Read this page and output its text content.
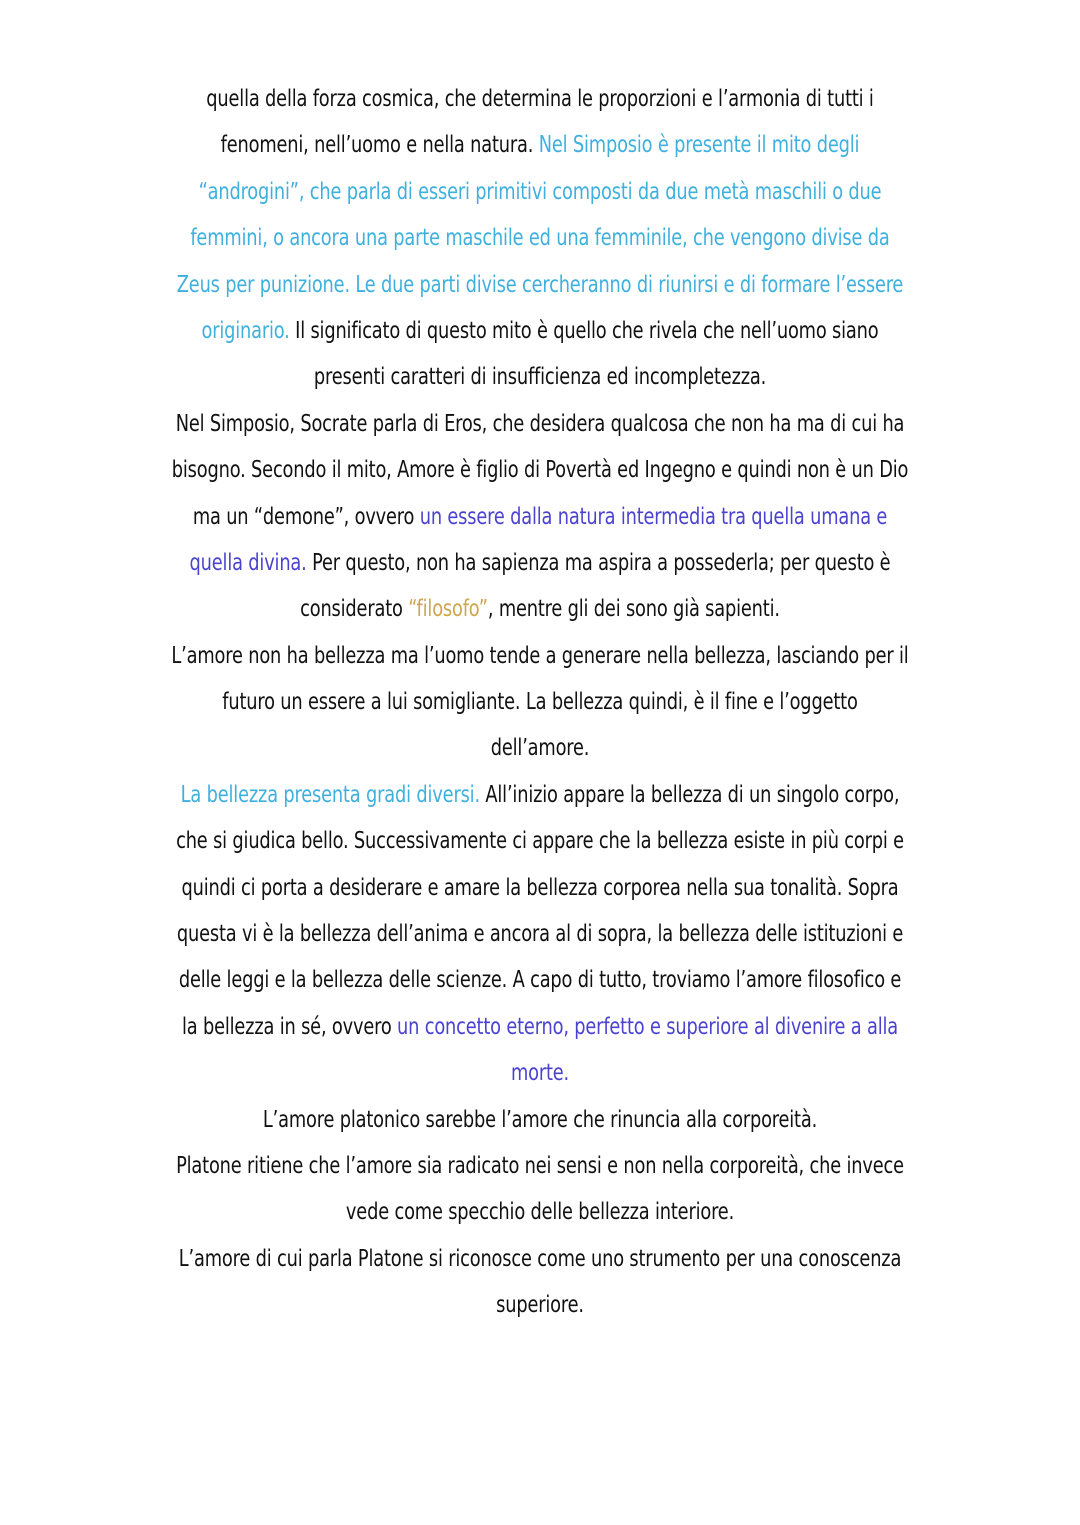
quella della forza cosmica, che determina le proporzioni e l’armonia di tutti i
fenomeni, nell’uomo e nella natura. Nel Simposio è presente il mito degli
“androgini”, che parla di esseri primitivi composti da due metà maschili o due
femmini, o ancora una parte maschile ed una femminile, che vengono divise da
Zeus per punizione. Le due parti divise cercheranno di riunirsi e di formare l’essere
originario. Il significato di questo mito è quello che rivela che nell’uomo siano
presenti caratteri di insufficienza ed incompletezza.
Nel Simposio, Socrate parla di Eros, che desidera qualcosa che non ha ma di cui ha
bisogno. Secondo il mito, Amore è figlio di Povertà ed Ingegno e quindi non è un Dio
ma un “demone”, ovvero un essere dalla natura intermedia tra quella umana e
quella divina. Per questo, non ha sapienza ma aspira a possederla; per questo è
considerato “filosofo”, mentre gli dei sono già sapienti.
L’amore non ha bellezza ma l’uomo tende a generare nella bellezza, lasciando per il
futuro un essere a lui somigliante. La bellezza quindi, è il fine e l’oggetto
dell’amore.
La bellezza presenta gradi diversi. All’inizio appare la bellezza di un singolo corpo,
che si giudica bello. Successivamente ci appare che la bellezza esiste in più corpi e
quindi ci porta a desiderare e amare la bellezza corporea nella sua tonalità. Sopra
questa vi è la bellezza dell’anima e ancora al di sopra, la bellezza delle istituzioni e
delle leggi e la bellezza delle scienze. A capo di tutto, troviamo l’amore filosofico e
la bellezza in sé, ovvero un concetto eterno, perfetto e superiore al divenire a alla
morte.
L’amore platonico sarebbe l’amore che rinuncia alla corporeità.
Platone ritiene che l’amore sia radicato nei sensi e non nella corporeità, che invece
vede come specchio delle bellezza interiore.
L’amore di cui parla Platone si riconosce come uno strumento per una conoscenza
superiore.
